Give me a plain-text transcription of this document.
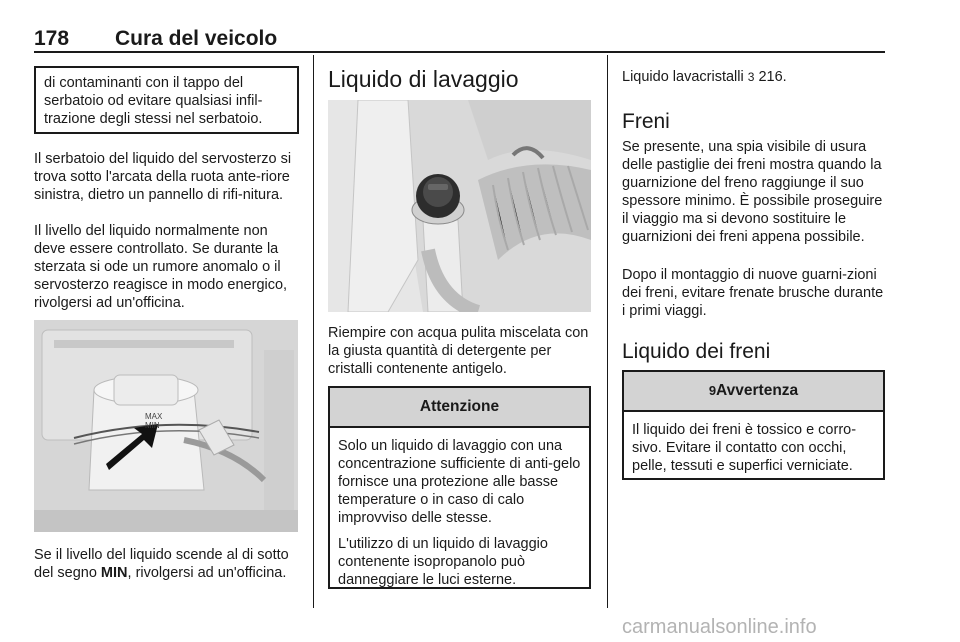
178 Cura del veicolo
di contaminanti con il tappo del serbatoio od evitare qualsiasi infil-trazione degli stessi nel serbatoio.

Il serbatoio del liquido del servosterzo si trova sotto l'arcata della ruota ante-riore sinistra, dietro un pannello di rifi-nitura.

Il livello del liquido normalmente non deve essere controllato. Se durante la sterzata si ode un rumore anomalo o il servosterzo reagisce in modo energico, rivolgersi ad un'officina.

MAX
MIN

Se il livello del liquido scende al di sotto del segno MIN, rivolgersi ad un'officina.

Liquido di lavaggio

Riempire con acqua pulita miscelata con la giusta quantità di detergente per cristalli contenente antigelo.

Attenzione

Solo un liquido di lavaggio con una concentrazione sufficiente di anti-gelo fornisce una protezione alle basse temperature o in caso di calo improvviso delle stesse.

L'utilizzo di un liquido di lavaggio contenente isopropanolo può danneggiare le luci esterne.

Liquido lavacristalli 3 216.

Freni

Se presente, una spia visibile di usura delle pastiglie dei freni mostra quando la guarnizione del freno raggiunge il suo spessore minimo. È possibile proseguire il viaggio ma si devono sostituire le guarnizioni dei freni appena possibile.

Dopo il montaggio di nuove guarni-zioni dei freni, evitare frenate brusche durante i primi viaggi.

Liquido dei freni
9Avvertenza

Il liquido dei freni è tossico e corro-sivo. Evitare il contatto con occhi, pelle, tessuti e superfici verniciate.

carmanualsonline.info
